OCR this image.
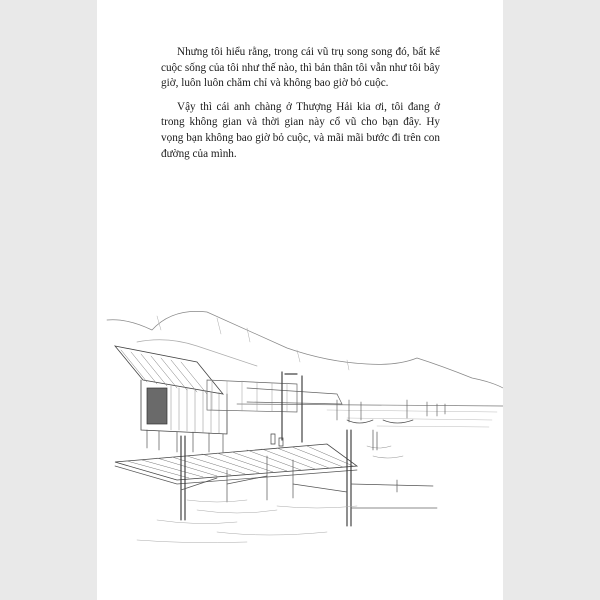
Nhưng tôi hiểu rằng, trong cái vũ trụ song song đó, bất kể cuộc sống của tôi như thế nào, thì bản thân tôi vẫn như tôi bây giờ, luôn luôn chăm chỉ và không bao giờ bỏ cuộc.

Vậy thì cái anh chàng ở Thượng Hải kia ơi, tôi đang ở trong không gian và thời gian này cổ vũ cho bạn đây. Hy vọng bạn không bao giờ bỏ cuộc, và mãi mãi bước đi trên con đường của mình.
